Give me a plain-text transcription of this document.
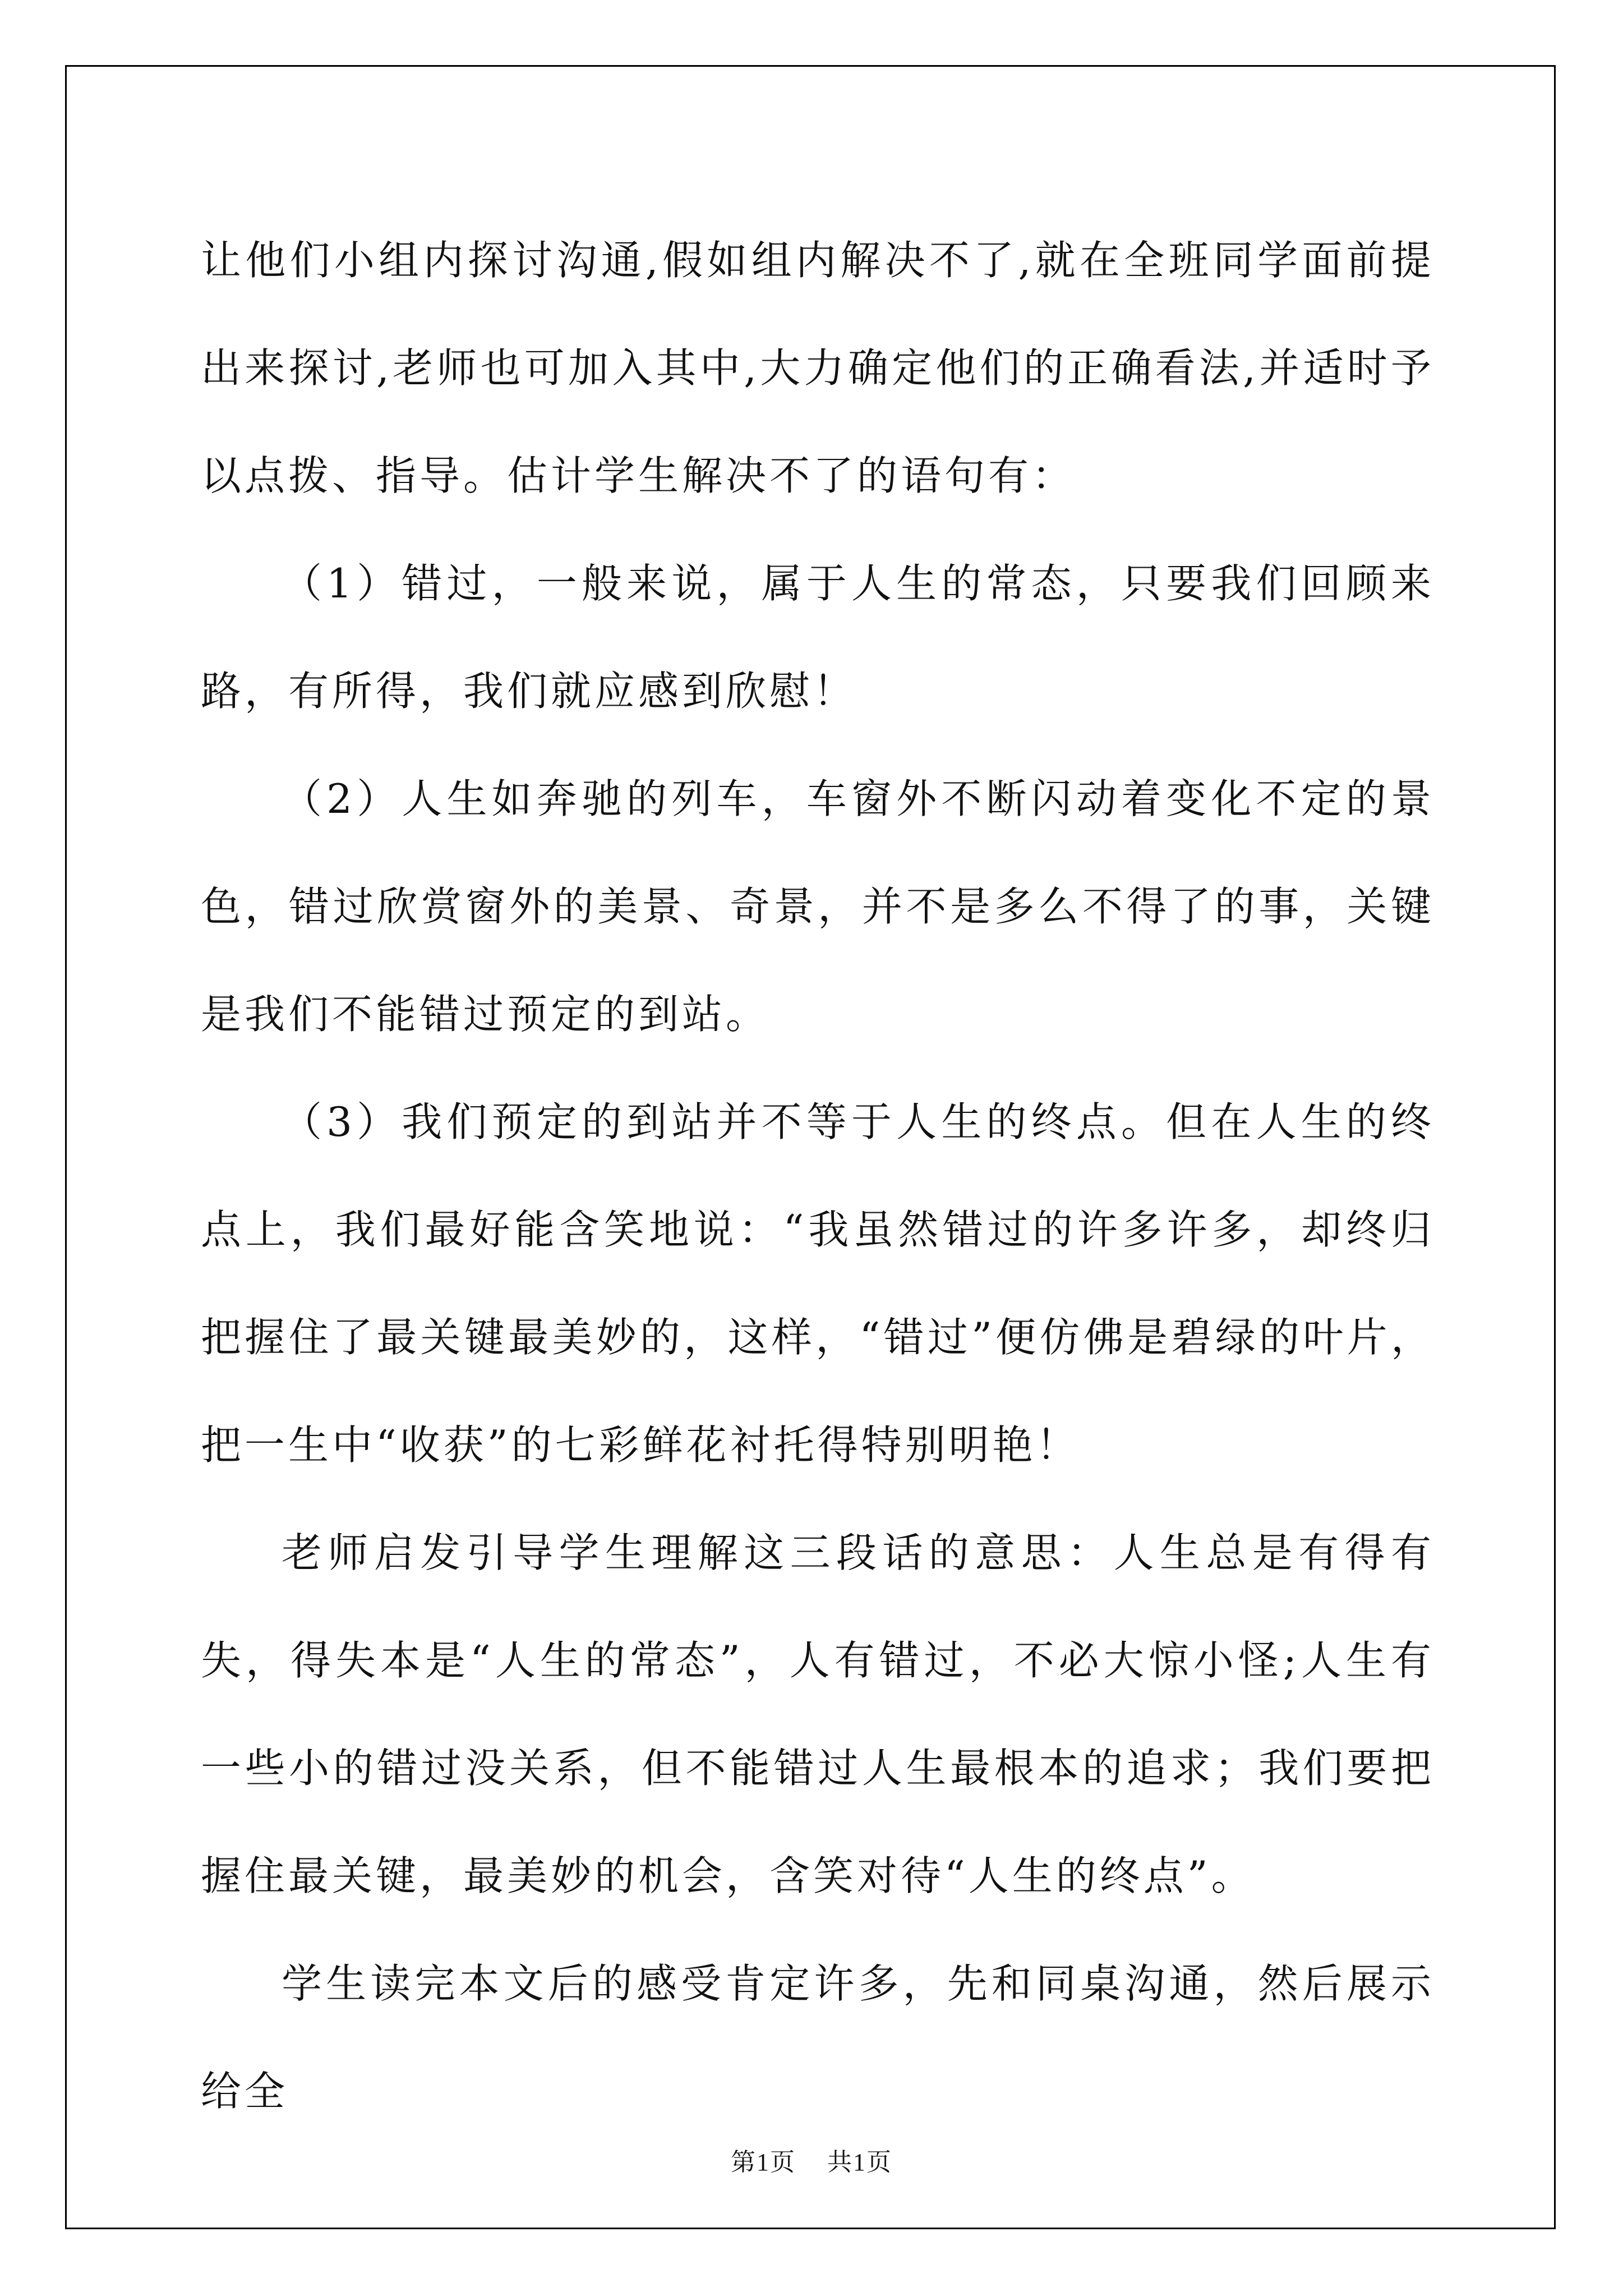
让他们小组内探讨沟通,假如组内解决不了,就在全班同学面前提出来探讨,老师也可加入其中,大力确定他们的正确看法,并适时予以点拨、指导。估计学生解决不了的语句有：

（1）错过，一般来说，属于人生的常态，只要我们回顾来路，有所得，我们就应感到欣慰！

（2）人生如奔驰的列车，车窗外不断闪动着变化不定的景色，错过欣赏窗外的美景、奇景，并不是多么不得了的事，关键是我们不能错过预定的到站。

（3）我们预定的到站并不等于人生的终点。但在人生的终点上，我们最好能含笑地说：“我虽然错过的许多许多，却终归把握住了最关键最美妙的，这样，“错过”便仿佛是碧绿的叶片，把一生中“收获”的七彩鲜花衬托得特别明艳！

老师启发引导学生理解这三段话的意思：人生总是有得有失，得失本是“人生的常态”，人有错过，不必大惊小怪;人生有一些小的错过没关系，但不能错过人生最根本的追求；我们要把握住最关键，最美妙的机会，含笑对待“人生的终点”。

学生读完本文后的感受肯定许多，先和同桌沟通，然后展示给全

第1页 共1页
